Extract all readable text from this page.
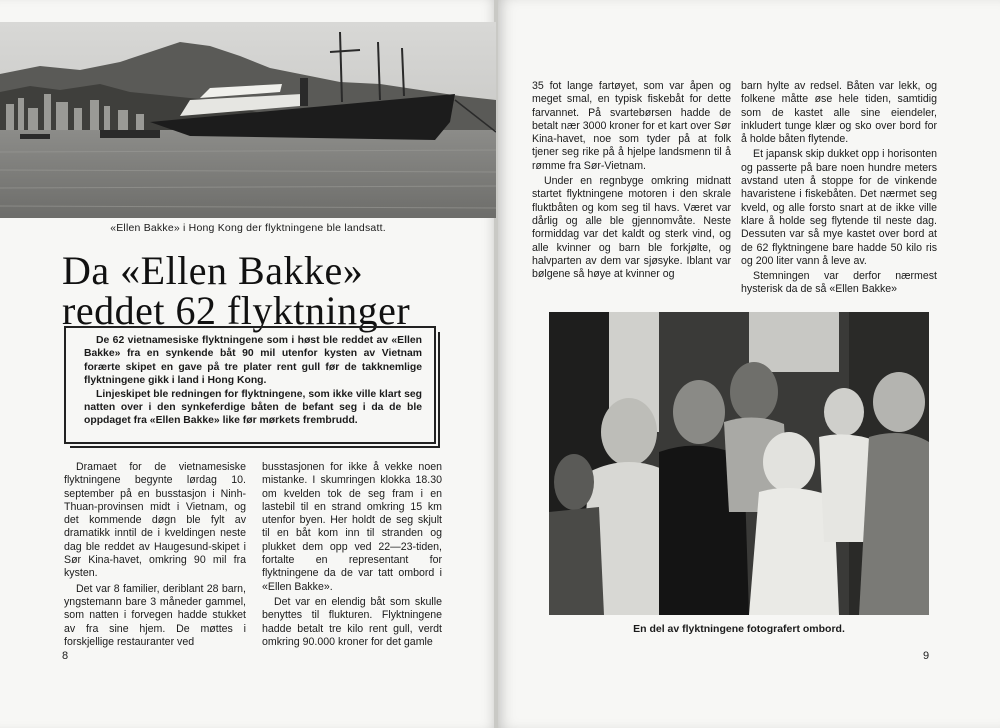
«Ellen Bakke» i Hong Kong der flyktningene ble landsatt.
Da «Ellen Bakke»
reddet 62 flyktninger

De 62 vietnamesiske flyktningene som i høst ble reddet av «Ellen Bakke» fra en synkende båt 90 mil utenfor kysten av Vietnam forærte skipet en gave på tre plater rent gull før de takknemlige flyktningene gikk i land i Hong Kong.

Linjeskipet ble redningen for flyktningene, som ikke ville klart seg natten over i den synkeferdige båten de befant seg i da de ble oppdaget fra «Ellen Bakke» like før mørkets frembrudd.

Dramaet for de vietnamesiske flyktningene begynte lørdag 10. september på en busstasjon i Ninh-Thuan-provinsen midt i Vietnam, og det kommende døgn ble fylt av dramatikk inntil de i kveldingen neste dag ble reddet av Haugesund-skipet i Sør Kina-havet, omkring 90 mil fra kysten.

Det var 8 familier, deriblant 28 barn, yngstemann bare 3 måneder gammel, som natten i forvegen hadde stukket av fra sine hjem. De møttes i forskjellige restauranter ved

busstasjonen for ikke å vekke noen mistanke. I skumringen klokka 18.30 om kvelden tok de seg fram i en lastebil til en strand omkring 15 km utenfor byen. Her holdt de seg skjult til en båt kom inn til stranden og plukket dem opp ved 22—23-tiden, fortalte en representant for flyktningene da de var tatt ombord i «Ellen Bakke».

Det var en elendig båt som skulle benyttes til flukturen. Flyktningene hadde betalt tre kilo rent gull, verdt omkring 90.000 kroner for det gamle

8

35 fot lange fartøyet, som var åpen og meget smal, en typisk fiskebåt for dette farvannet. På svartebørsen hadde de betalt nær 3000 kroner for et kart over Sør Kina-havet, noe som tyder på at folk tjener seg rike på å hjelpe landsmenn til å rømme fra Sør-Vietnam.

Under en regnbyge omkring midnatt startet flyktningene motoren i den skrale fluktbåten og kom seg til havs. Været var dårlig og alle ble gjennomvåte. Neste formiddag var det kaldt og sterk vind, og alle kvinner og barn ble forkjølte, og halvparten av dem var sjøsyke. Iblant var bølgene så høye at kvinner og

barn hylte av redsel. Båten var lekk, og folkene måtte øse hele tiden, samtidig som de kastet alle sine eiendeler, inkludert tunge klær og sko over bord for å holde båten flytende.

Et japansk skip dukket opp i horisonten og passerte på bare noen hundre meters avstand uten å stoppe for de vinkende havaristene i fiskebåten. Det nærmet seg kveld, og alle forsto snart at de ikke ville klare å holde seg flytende til neste dag. Dessuten var så mye kastet over bord at de 62 flyktningene bare hadde 50 kilo ris og 200 liter vann å leve av.

Stemningen var derfor nærmest hysterisk da de så «Ellen Bakke»

En del av flyktningene fotografert ombord.
9
